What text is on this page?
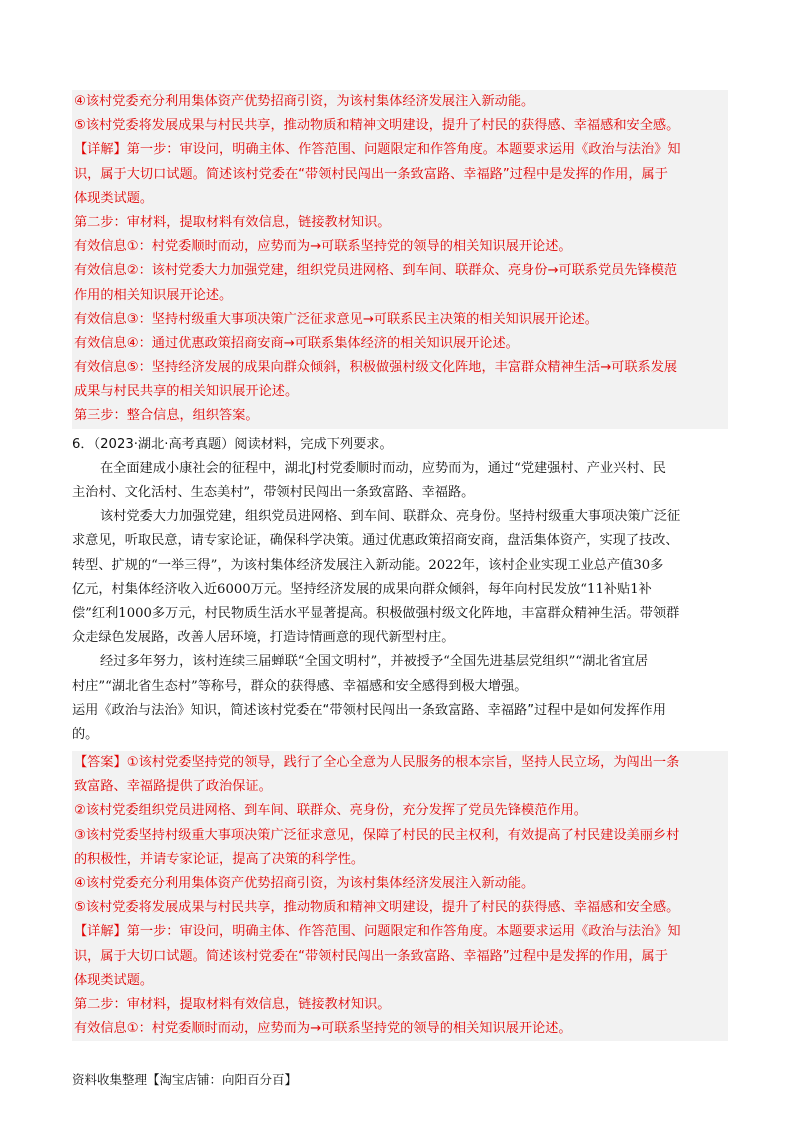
④该村党委充分利用集体资产优势招商引资，为该村集体经济发展注入新动能。
⑤该村党委将发展成果与村民共享，推动物质和精神文明建设，提升了村民的获得感、幸福感和安全感。
【详解】第一步：审设问，明确主体、作答范围、问题限定和作答角度。本题要求运用《政治与法治》知
识，属于大切口试题。简述该村党委在“带领村民闯出一条致富路、幸福路”过程中是发挥的作用，属于
体现类试题。
第二步：审材料，提取材料有效信息，链接教材知识。
有效信息①：村党委顺时而动，应势而为→可联系坚持党的领导的相关知识展开论述。
有效信息②：该村党委大力加强党建，组织党员进网格、到车间、联群众、亮身份→可联系党员先锋模范
作用的相关知识展开论述。
有效信息③：坚持村级重大事项决策广泛征求意见→可联系民主决策的相关知识展开论述。
有效信息④：通过优惠政策招商安商→可联系集体经济的相关知识展开论述。
有效信息⑤：坚持经济发展的成果向群众倾斜，积极做强村级文化阵地，丰富群众精神生活→可联系发展
成果与村民共享的相关知识展开论述。
第三步：整合信息，组织答案。
6．（2023·湖北·高考真题）阅读材料，完成下列要求。
在全面建成小康社会的征程中，湖北J村党委顺时而动，应势而为，通过“党建强村、产业兴村、民
主治村、文化活村、生态美村”，带领村民闯出一条致富路、幸福路。
该村党委大力加强党建，组织党员进网格、到车间、联群众、亮身份。坚持村级重大事项决策广泛征
求意见，听取民意，请专家论证，确保科学决策。通过优惠政策招商安商，盘活集体资产，实现了技改、
转型、扩规的“一举三得”，为该村集体经济发展注入新动能。2022年，该村企业实现工业总产值30多
亿元，村集体经济收入近6000万元。坚持经济发展的成果向群众倾斜，每年向村民发放“11补贴1补
偿”红利1000多万元，村民物质生活水平显著提高。积极做强村级文化阵地，丰富群众精神生活。带领群
众走绿色发展路，改善人居环境，打造诗情画意的现代新型村庄。
经过多年努力，该村连续三届蝉联“全国文明村”，并被授予“全国先进基层党组织”“湖北省宜居
村庄”“湖北省生态村”等称号，群众的获得感、幸福感和安全感得到极大增强。
运用《政治与法治》知识，简述该村党委在“带领村民闯出一条致富路、幸福路”过程中是如何发挥作用
的。
【答案】①该村党委坚持党的领导，践行了全心全意为人民服务的根本宗旨，坚持人民立场，为闯出一条
致富路、幸福路提供了政治保证。
②该村党委组织党员进网格、到车间、联群众、亮身份，充分发挥了党员先锋模范作用。
③该村党委坚持村级重大事项决策广泛征求意见，保障了村民的民主权利，有效提高了村民建设美丽乡村
的积极性，并请专家论证，提高了决策的科学性。
④该村党委充分利用集体资产优势招商引资，为该村集体经济发展注入新动能。
⑤该村党委将发展成果与村民共享，推动物质和精神文明建设，提升了村民的获得感、幸福感和安全感。
【详解】第一步：审设问，明确主体、作答范围、问题限定和作答角度。本题要求运用《政治与法治》知
识，属于大切口试题。简述该村党委在“带领村民闯出一条致富路、幸福路”过程中是发挥的作用，属于
体现类试题。
第二步：审材料，提取材料有效信息，链接教材知识。
有效信息①：村党委顺时而动，应势而为→可联系坚持党的领导的相关知识展开论述。
资料收集整理【淘宝店铺：向阳百分百】
